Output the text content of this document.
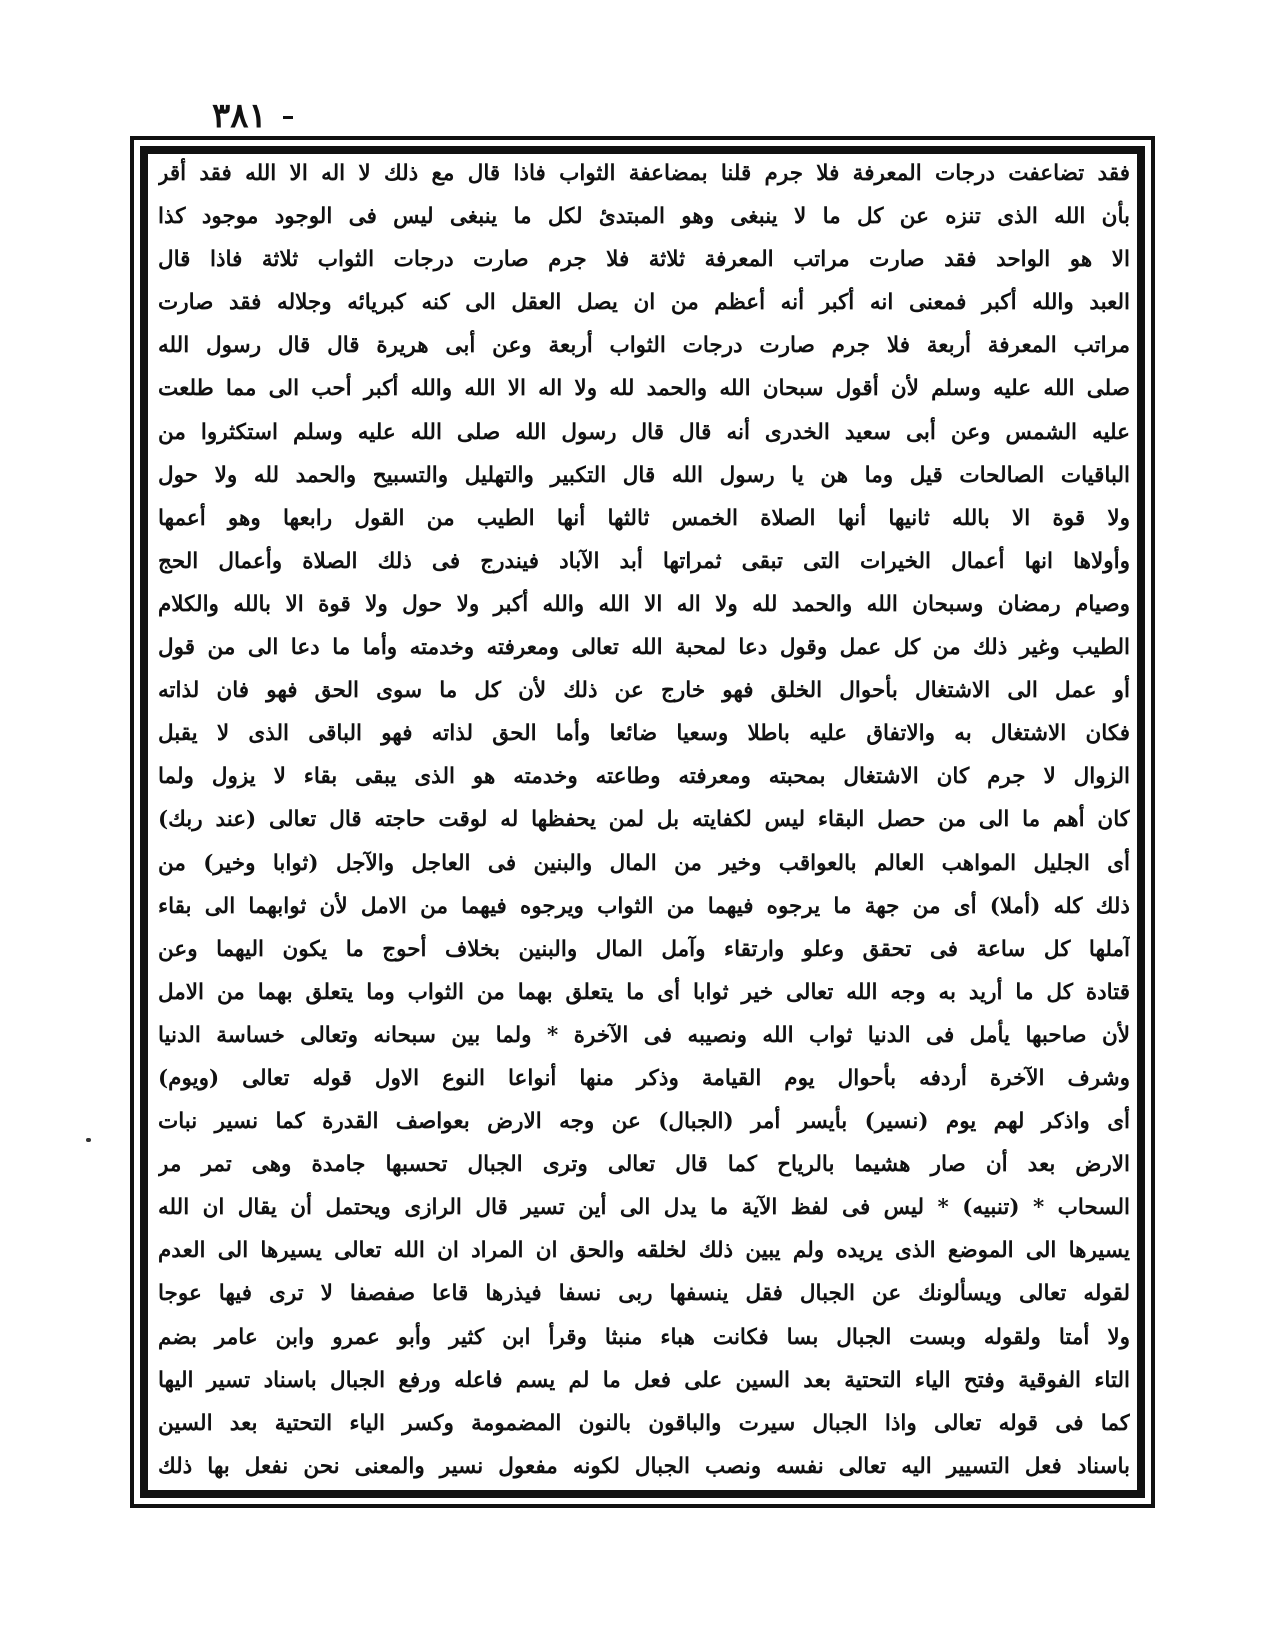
٣٨١
فقد تضاعفت درجات المعرفة فلا جرم قلنا بمضاعفة الثواب فاذا قال مع ذلك لا اله الا الله فقد أقر
بأن الله الذى تنزه عن كل ما لا ينبغى وهو المبتدئ لكل ما ينبغى ليس فى الوجود موجود كذا
الا هو الواحد فقد صارت مراتب المعرفة ثلاثة فلا جرم صارت درجات الثواب ثلاثة فاذا قال
العبد والله أكبر فمعنى انه أكبر أنه أعظم من ان يصل العقل الى كنه كبريائه وجلاله فقد صارت
مراتب المعرفة أربعة فلا جرم صارت درجات الثواب أربعة وعن أبى هريرة قال قال رسول الله
صلى الله عليه وسلم لأن أقول سبحان الله والحمد لله ولا اله الا الله والله أكبر أحب الى مما طلعت
عليه الشمس وعن أبى سعيد الخدرى أنه قال قال رسول الله صلى الله عليه وسلم استكثروا من
الباقيات الصالحات قيل وما هن يا رسول الله قال التكبير والتهليل والتسبيح والحمد لله ولا حول
ولا قوة الا بالله ثانيها أنها الصلاة الخمس ثالثها أنها الطيب من القول رابعها وهو أعمها
وأولاها انها أعمال الخيرات التى تبقى ثمراتها أبد الآباد فيندرج فى ذلك الصلاة وأعمال الحج
وصيام رمضان وسبحان الله والحمد لله ولا اله الا الله والله أكبر ولا حول ولا قوة الا بالله والكلام
الطيب وغير ذلك من كل عمل وقول دعا لمحبة الله تعالى ومعرفته وخدمته وأما ما دعا الى من قول
أو عمل الى الاشتغال بأحوال الخلق فهو خارج عن ذلك لأن كل ما سوى الحق فهو فان لذاته
فكان الاشتغال به والاتفاق عليه باطلا وسعيا ضائعا وأما الحق لذاته فهو الباقى الذى لا يقبل
الزوال لا جرم كان الاشتغال بمحبته ومعرفته وطاعته وخدمته هو الذى يبقى بقاء لا يزول ولما
كان أهم ما الى من حصل البقاء ليس لكفايته بل لمن يحفظها له لوقت حاجته قال تعالى (عند ربك)
أى الجليل المواهب العالم بالعواقب وخير من المال والبنين فى العاجل والآجل (ثوابا وخير) من
ذلك كله (أملا) أى من جهة ما يرجوه فيهما من الثواب ويرجوه فيهما من الامل لأن ثوابهما الى بقاء
آملها كل ساعة فى تحقق وعلو وارتقاء وآمل المال والبنين بخلاف أحوج ما يكون اليهما وعن
قتادة كل ما أريد به وجه الله تعالى خير ثوابا أى ما يتعلق بهما من الثواب وما يتعلق بهما من الامل
لأن صاحبها يأمل فى الدنيا ثواب الله ونصيبه فى الآخرة * ولما بين سبحانه وتعالى خساسة الدنيا
وشرف الآخرة أردفه بأحوال يوم القيامة وذكر منها أنواعا النوع الاول قوله تعالى (ويوم)
أى واذكر لهم يوم (نسير) بأيسر أمر (الجبال) عن وجه الارض بعواصف القدرة كما نسير نبات
الارض بعد أن صار هشيما بالرياح كما قال تعالى وترى الجبال تحسبها جامدة وهى تمر مر
السحاب * (تنبيه) * ليس فى لفظ الآية ما يدل الى أين تسير قال الرازى ويحتمل أن يقال ان الله
يسيرها الى الموضع الذى يريده ولم يبين ذلك لخلقه والحق ان المراد ان الله تعالى يسيرها الى العدم
لقوله تعالى ويسألونك عن الجبال فقل ينسفها ربى نسفا فيذرها قاعا صفصفا لا ترى فيها عوجا
ولا أمتا ولقوله وبست الجبال بسا فكانت هباء منبثا وقرأ ابن كثير وأبو عمرو وابن عامر بضم
التاء الفوقية وفتح الياء التحتية بعد السين على فعل ما لم يسم فاعله ورفع الجبال باسناد تسير اليها
كما فى قوله تعالى واذا الجبال سيرت والباقون بالنون المضمومة وكسر الياء التحتية بعد السين
باسناد فعل التسيير اليه تعالى نفسه ونصب الجبال لكونه مفعول نسير والمعنى نحن نفعل بها ذلك
